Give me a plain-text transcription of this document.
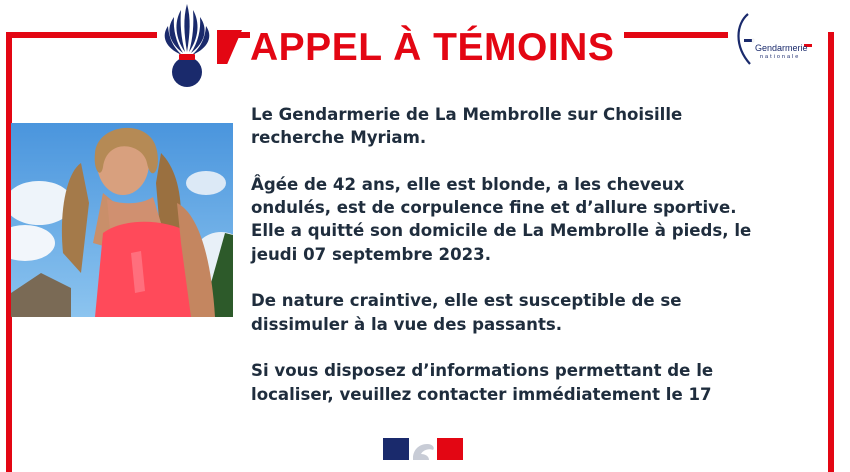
APPEL À TÉMOINS	Gendarmerie
nationale

Le Gendarmerie de La Membrolle sur Choisille
recherche Myriam.

Âgée de 42 ans, elle est blonde, a les cheveux
ondulés, est de corpulence fine et d’allure sportive.
Elle a quitté son domicile de La Membrolle à pieds, le
jeudi 07 septembre 2023.

De nature craintive, elle est susceptible de se
dissimuler à la vue des passants.

Si vous disposez d’informations permettant de le
localiser, veuillez contacter immédiatement le 17
